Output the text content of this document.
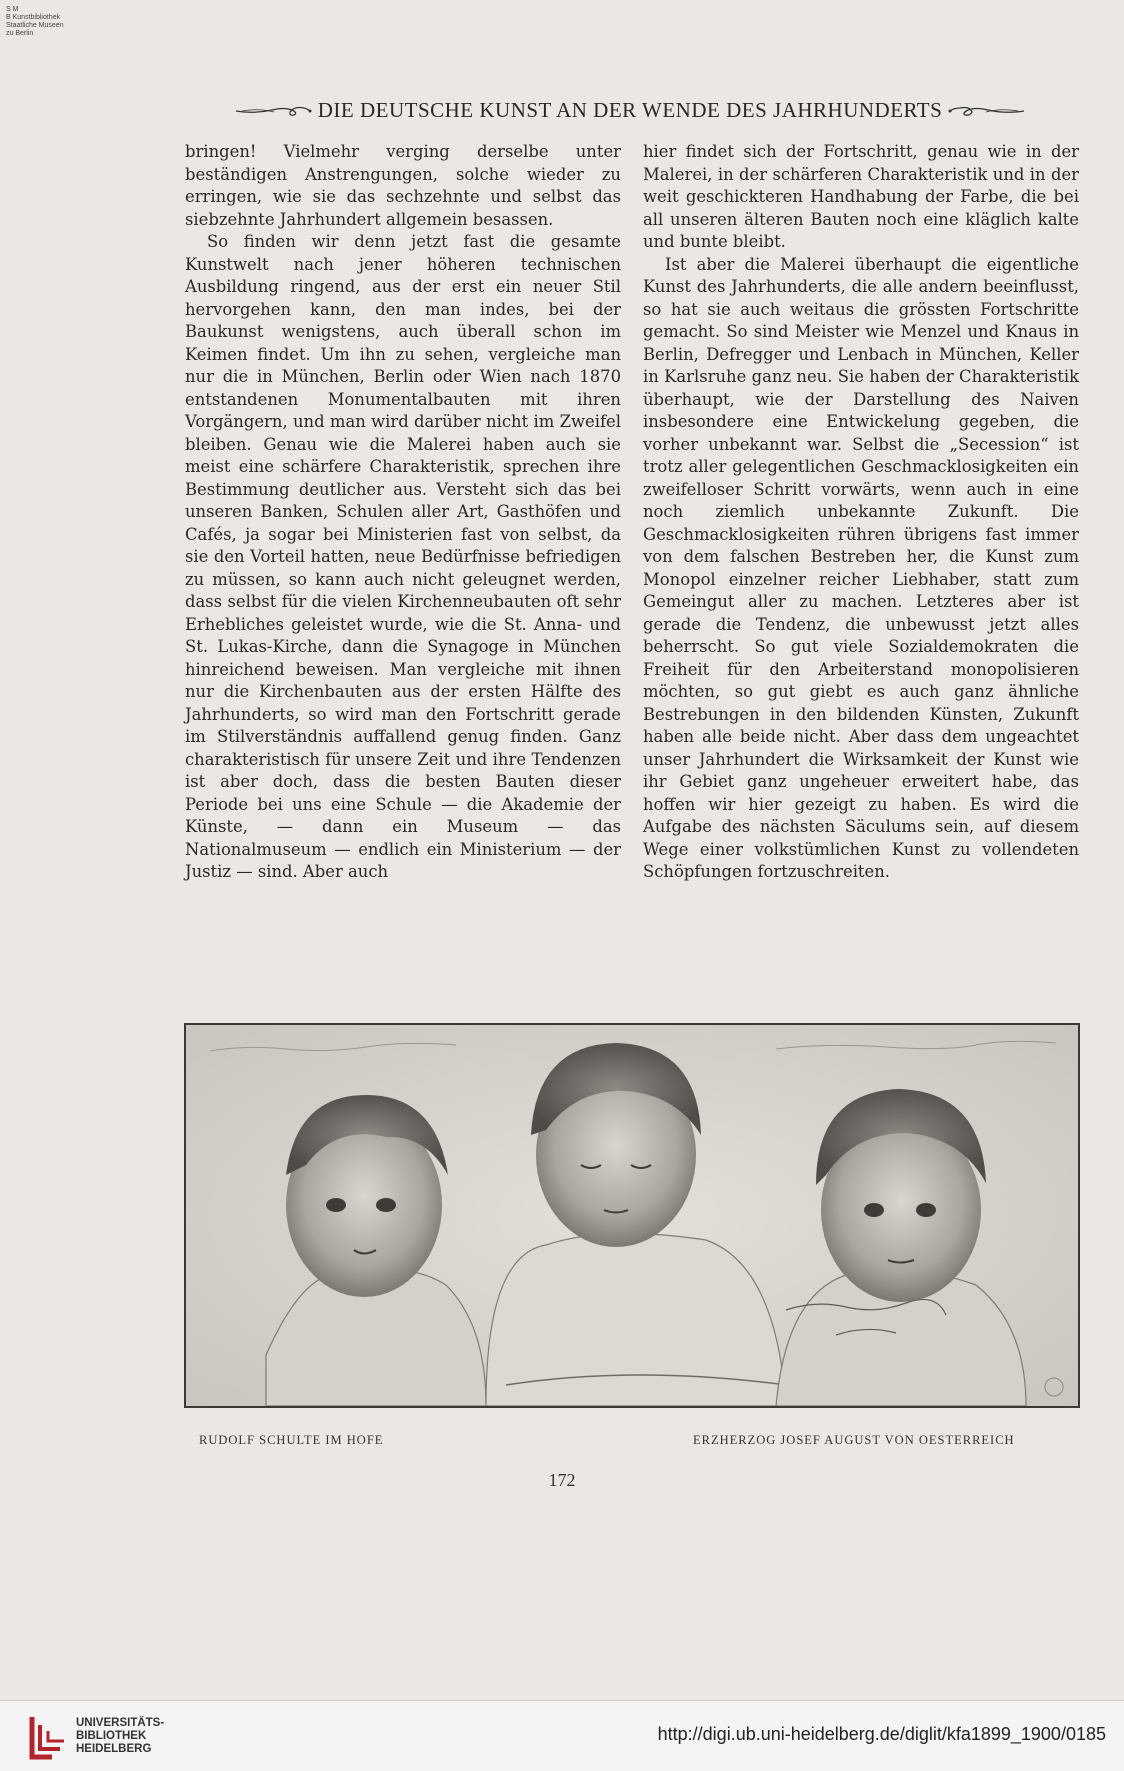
S M
B Kunstbibliothek
Staatliche Museen
zu Berlin
DIE DEUTSCHE KUNST AN DER WENDE DES JAHRHUNDERTS

bringen! Vielmehr verging derselbe unter beständigen Anstrengungen, solche wieder zu erringen, wie sie das sechzehnte und selbst das siebzehnte Jahrhundert allgemein besassen.

So finden wir denn jetzt fast die gesamte Kunstwelt nach jener höheren technischen Ausbildung ringend, aus der erst ein neuer Stil hervorgehen kann, den man indes, bei der Baukunst wenigstens, auch überall schon im Keimen findet. Um ihn zu sehen, vergleiche man nur die in München, Berlin oder Wien nach 1870 entstandenen Monumentalbauten mit ihren Vorgängern, und man wird darüber nicht im Zweifel bleiben. Genau wie die Malerei haben auch sie meist eine schärfere Charakteristik, sprechen ihre Bestimmung deutlicher aus. Versteht sich das bei unseren Banken, Schulen aller Art, Gasthöfen und Cafés, ja sogar bei Ministerien fast von selbst, da sie den Vorteil hatten, neue Bedürfnisse befriedigen zu müssen, so kann auch nicht geleugnet werden, dass selbst für die vielen Kirchenneubauten oft sehr Erhebliches geleistet wurde, wie die St. Anna- und St. Lukas-Kirche, dann die Synagoge in München hinreichend beweisen. Man vergleiche mit ihnen nur die Kirchenbauten aus der ersten Hälfte des Jahrhunderts, so wird man den Fortschritt gerade im Stilverständnis auffallend genug finden. Ganz charakteristisch für unsere Zeit und ihre Tendenzen ist aber doch, dass die besten Bauten dieser Periode bei uns eine Schule — die Akademie der Künste, — dann ein Museum — das Nationalmuseum — endlich ein Ministerium — der Justiz — sind. Aber auch

hier findet sich der Fortschritt, genau wie in der Malerei, in der schärferen Charakteristik und in der weit geschickteren Handhabung der Farbe, die bei all unseren älteren Bauten noch eine kläglich kalte und bunte bleibt.

Ist aber die Malerei überhaupt die eigentliche Kunst des Jahrhunderts, die alle andern beeinflusst, so hat sie auch weitaus die grössten Fortschritte gemacht. So sind Meister wie Menzel und Knaus in Berlin, Defregger und Lenbach in München, Keller in Karlsruhe ganz neu. Sie haben der Charakteristik überhaupt, wie der Darstellung des Naiven insbesondere eine Entwickelung gegeben, die vorher unbekannt war. Selbst die „Secession“ ist trotz aller gelegentlichen Geschmacklosigkeiten ein zweifelloser Schritt vorwärts, wenn auch in eine noch ziemlich unbekannte Zukunft. Die Geschmacklosigkeiten rühren übrigens fast immer von dem falschen Bestreben her, die Kunst zum Monopol einzelner reicher Liebhaber, statt zum Gemeingut aller zu machen. Letzteres aber ist gerade die Tendenz, die unbewusst jetzt alles beherrscht. So gut viele Sozialdemokraten die Freiheit für den Arbeiterstand monopolisieren möchten, so gut giebt es auch ganz ähnliche Bestrebungen in den bildenden Künsten, Zukunft haben alle beide nicht. Aber dass dem ungeachtet unser Jahrhundert die Wirksamkeit der Kunst wie ihr Gebiet ganz ungeheuer erweitert habe, das hoffen wir hier gezeigt zu haben. Es wird die Aufgabe des nächsten Säculums sein, auf diesem Wege einer volkstümlichen Kunst zu vollendeten Schöpfungen fortzuschreiten.

RUDOLF SCHULTE IM HOFE	ERZHERZOG JOSEF AUGUST VON OESTERREICH
172
UNIVERSITÄTS-
BIBLIOTHEK
HEIDELBERG
http://digi.ub.uni-heidelberg.de/diglit/kfa1899_1900/0185
